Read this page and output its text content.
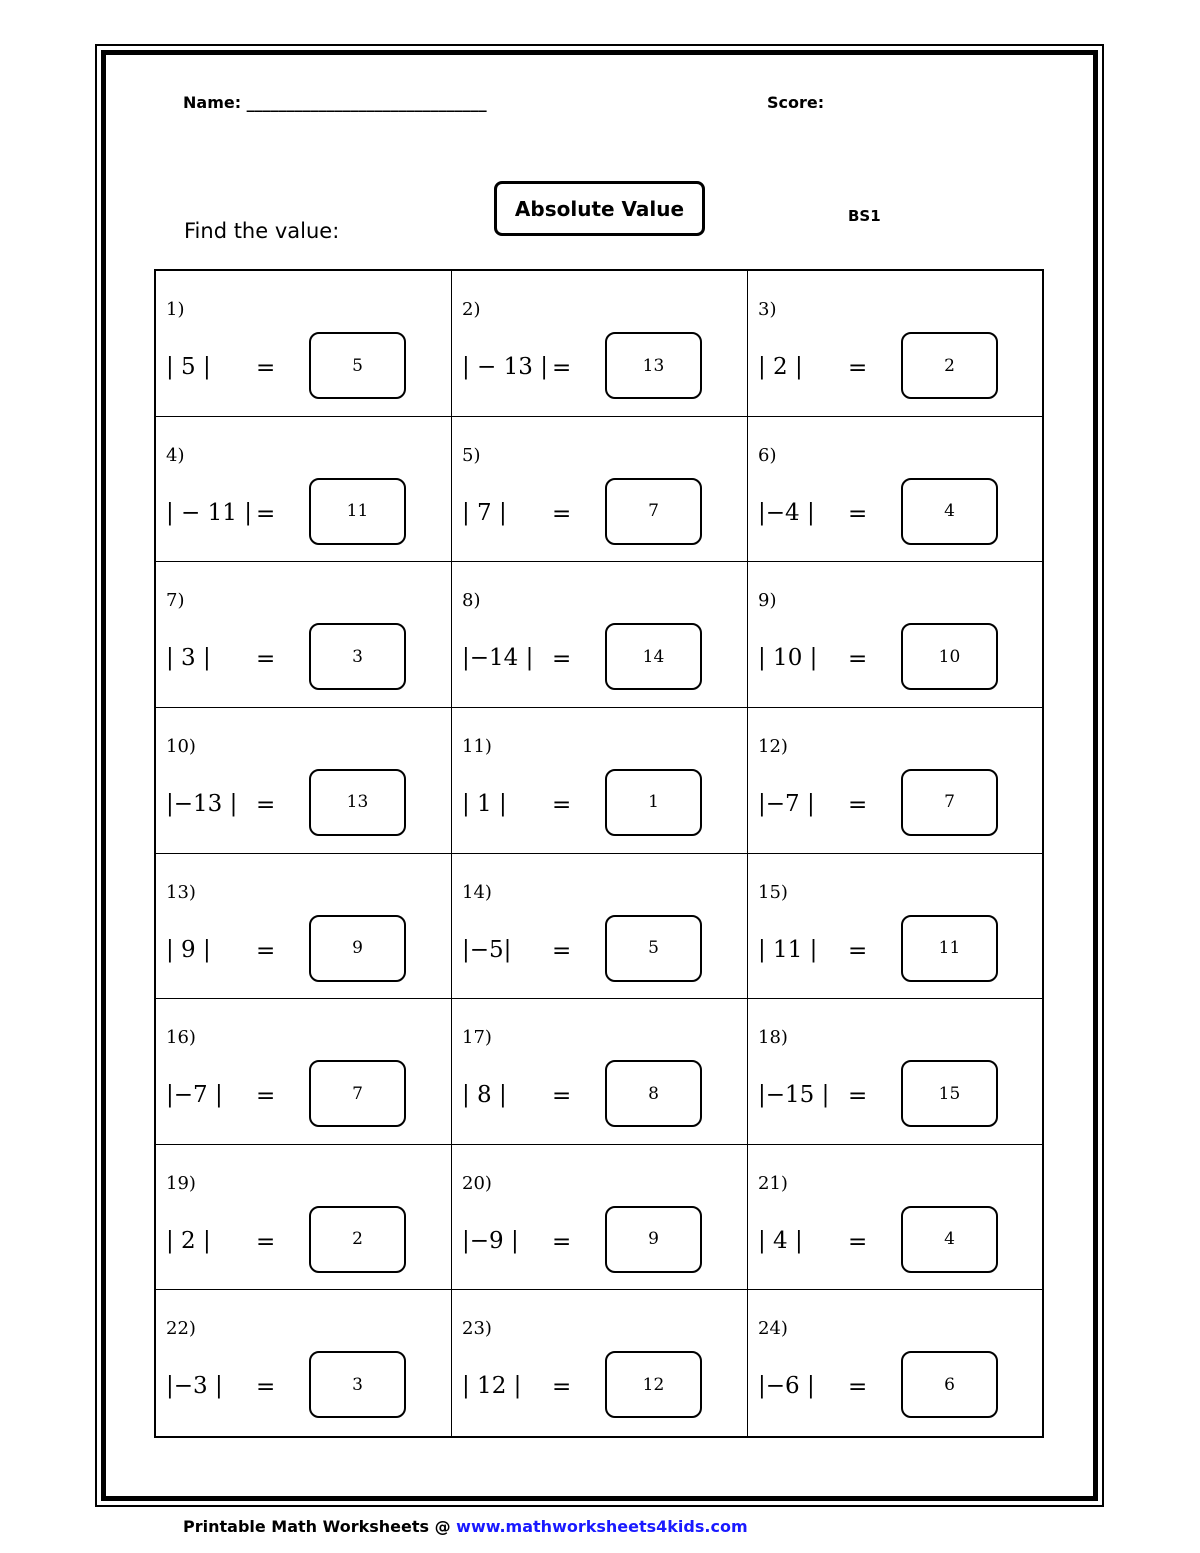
Name: ______________________________	Score:
Absolute Value	BS1
Find the value:
1)
| 5 | =	5
2)
| − 13 | =	13
3)
| 2 | =	2
4)
| − 11 | =	11
5)
| 7 | =	7
6)
|−4 | =	4
7)
| 3 | =	3
8)
|−14 | =	14
9)
| 10 | =	10
10)
|−13 | =	13
11)
| 1 | =	1
12)
|−7 | =	7
13)
| 9 | =	9
14)
|−5| =	5
15)
| 11 | =	11
16)
|−7 | =	7
17)
| 8 | =	8
18)
|−15 | =	15
19)
| 2 | =	2
20)
|−9 | =	9
21)
| 4 | =	4
22)
|−3 | =	3
23)
| 12 | =	12
24)
|−6 | =	6
Printable Math Worksheets @ www.mathworksheets4kids.com
